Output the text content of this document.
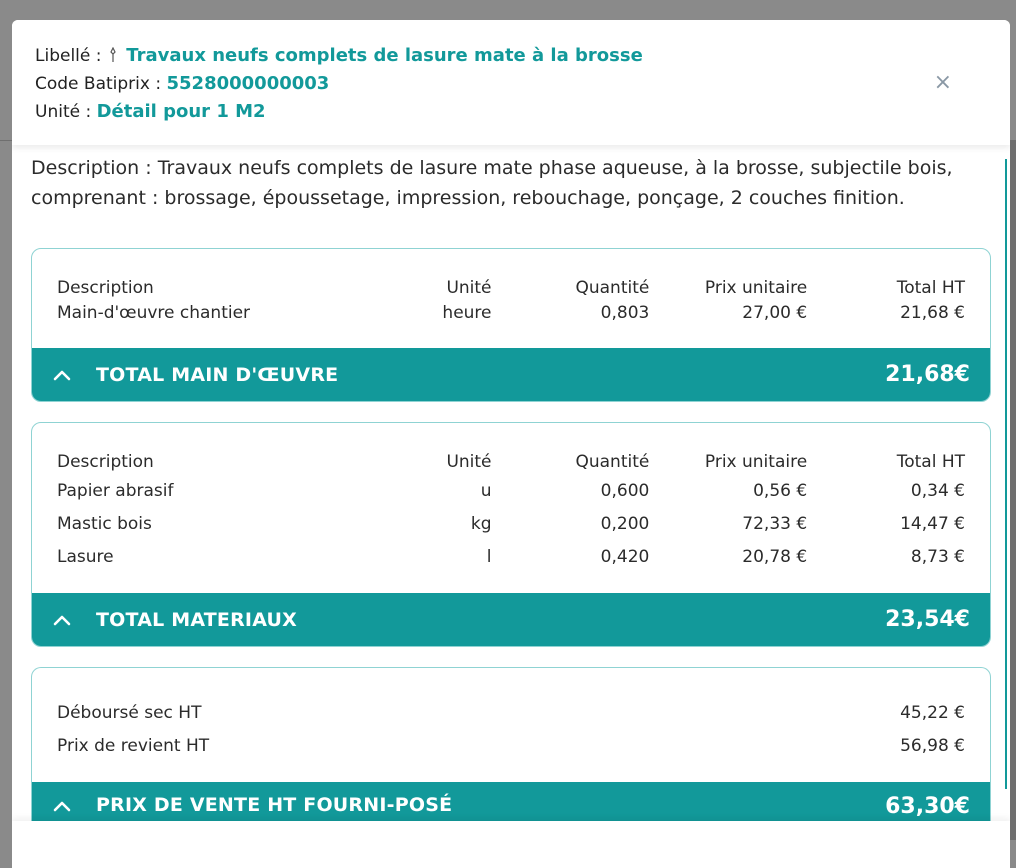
Libellé : Travaux neufs complets de lasure mate à la brosse
Code Batiprix : 5528000000003
Unité : Détail pour 1 M2
×

Description : Travaux neufs complets de lasure mate phase aqueuse, à la brosse, subjectile bois, comprenant : brossage, époussetage, impression, rebouchage, ponçage, 2 couches finition.

Description	Unité	Quantité	Prix unitaire	Total HT
Main-d'œuvre chantier	heure	0,803	27,00 €	21,68 €
TOTAL MAIN D'ŒUVRE	21,68€
Description	Unité	Quantité	Prix unitaire	Total HT
Papier abrasif	u	0,600	0,56 €	0,34 €
Mastic bois	kg	0,200	72,33 €	14,47 €
Lasure	l	0,420	20,78 €	8,73 €
TOTAL MATERIAUX	23,54€
Déboursé sec HT	45,22 €
Prix de revient HT	56,98 €
PRIX DE VENTE HT FOURNI-POSÉ	63,30€
